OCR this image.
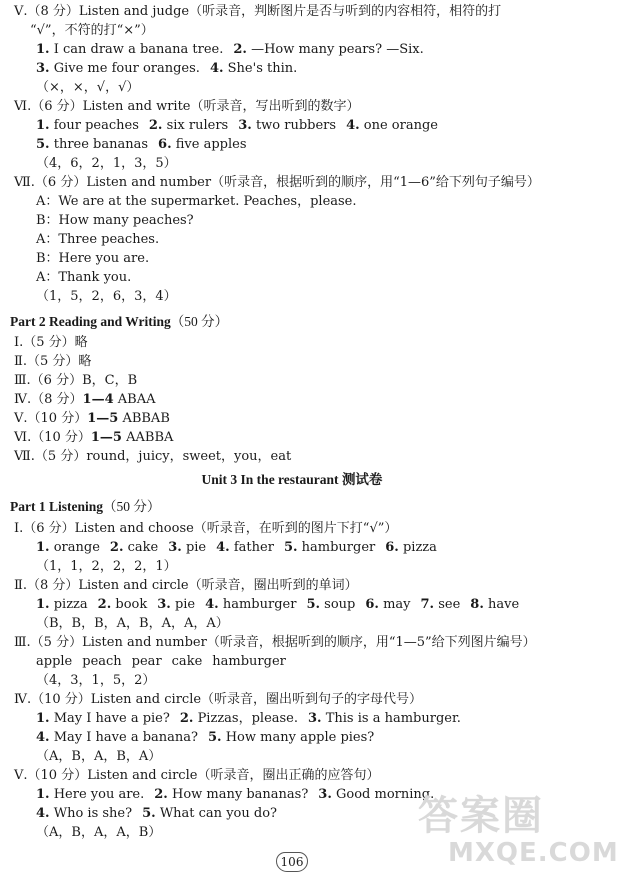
Ⅴ.（8 分）Listen and judge（听录音，判断图片是否与听到的内容相符，相符的打
“√”，不符的打“×”）
1. I can draw a banana tree. 2. —How many pears? —Six.
3. Give me four oranges. 4. She's thin.
（×，×，√，√）
Ⅵ.（6 分）Listen and write（听录音，写出听到的数字）
1. four peaches 2. six rulers 3. two rubbers 4. one orange
5. three bananas 6. five apples
（4，6，2，1，3，5）
Ⅶ.（6 分）Listen and number（听录音，根据听到的顺序，用“1—6”给下列句子编号）
A：We are at the supermarket. Peaches，please.
B：How many peaches?
A：Three peaches.
B：Here you are.
A：Thank you.
（1，5，2，6，3，4）
Part 2 Reading and Writing（50 分）
Ⅰ.（5 分）略
Ⅱ.（5 分）略
Ⅲ.（6 分）B，C，B
Ⅳ.（8 分）1—4 ABAA
Ⅴ.（10 分）1—5 ABBAB
Ⅵ.（10 分）1—5 AABBA
Ⅶ.（5 分）round，juicy，sweet，you，eat
Unit 3 In the restaurant 测试卷
Part 1 Listening（50 分）
Ⅰ.（6 分）Listen and choose（听录音，在听到的图片下打“√”）
1. orange 2. cake 3. pie 4. father 5. hamburger 6. pizza
（1，1，2，2，2，1）
Ⅱ.（8 分）Listen and circle（听录音，圈出听到的单词）
1. pizza 2. book 3. pie 4. hamburger 5. soup 6. may 7. see 8. have
（B，B，B，A，B，A，A，A）
Ⅲ.（5 分）Listen and number（听录音，根据听到的顺序，用“1—5”给下列图片编号）
apple peach pear cake hamburger
（4，3，1，5，2）
Ⅳ.（10 分）Listen and circle（听录音，圈出听到句子的字母代号）
1. May I have a pie? 2. Pizzas，please. 3. This is a hamburger.
4. May I have a banana? 5. How many apple pies?
（A，B，A，B，A）
Ⅴ.（10 分）Listen and circle（听录音，圈出正确的应答句）
1. Here you are. 2. How many bananas? 3. Good morning.
4. Who is she? 5. What can you do?
（A，B，A，A，B）	答案圈
MXQE.COM
106
